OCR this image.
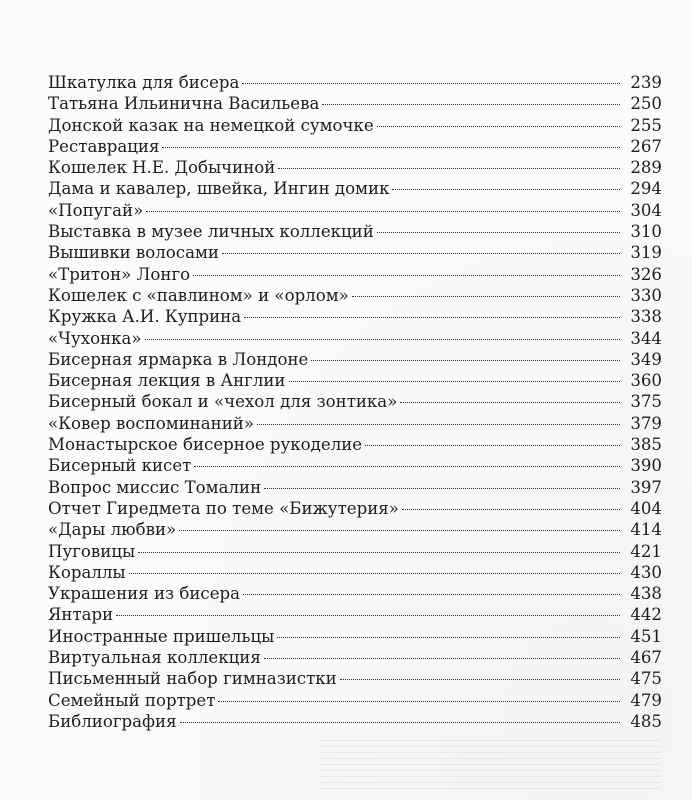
Шкатулка для бисера	239
Татьяна Ильинична Васильева	250
Донской казак на немецкой сумочке	255
Реставрация	267
Кошелек Н.Е. Добычиной	289
Дама и кавалер, швейка, Ингин домик	294
«Попугай»	304
Выставка в музее личных коллекций	310
Вышивки волосами	319
«Тритон» Лонго	326
Кошелек с «павлином» и «орлом»	330
Кружка А.И. Куприна	338
«Чухонка»	344
Бисерная ярмарка в Лондоне	349
Бисерная лекция в Англии	360
Бисерный бокал и «чехол для зонтика»	375
«Ковер воспоминаний»	379
Монастырское бисерное рукоделие	385
Бисерный кисет	390
Вопрос миссис Томалин	397
Отчет Гиредмета по теме «Бижутерия»	404
«Дары любви»	414
Пуговицы	421
Кораллы	430
Украшения из бисера	438
Янтари	442
Иностранные пришельцы	451
Виртуальная коллекция	467
Письменный набор гимназистки	475
Семейный портрет	479
Библиография	485
